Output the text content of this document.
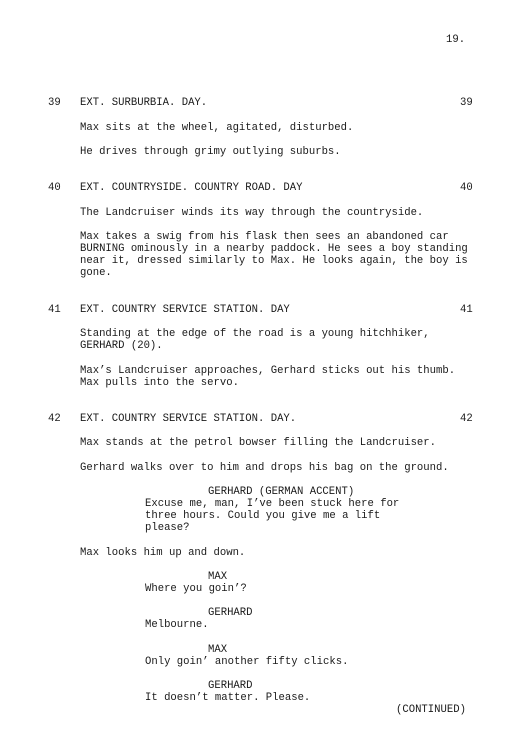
19.
39 EXT. SURBURBIA. DAY.	39
Max sits at the wheel, agitated, disturbed.
He drives through grimy outlying suburbs.
40 EXT. COUNTRYSIDE. COUNTRY ROAD. DAY	40
The Landcruiser winds its way through the countryside.
Max takes a swig from his flask then sees an abandoned car
BURNING ominously in a nearby paddock. He sees a boy standing
near it, dressed similarly to Max. He looks again, the boy is
gone.
41 EXT. COUNTRY SERVICE STATION. DAY	41
Standing at the edge of the road is a young hitchhiker,
GERHARD (20).
Max’s Landcruiser approaches, Gerhard sticks out his thumb.
Max pulls into the servo.
42 EXT. COUNTRY SERVICE STATION. DAY.	42
Max stands at the petrol bowser filling the Landcruiser.
Gerhard walks over to him and drops his bag on the ground.
GERHARD (GERMAN ACCENT)
Excuse me, man, I’ve been stuck here for
three hours. Could you give me a lift
please?
Max looks him up and down.
MAX
Where you goin’?
GERHARD
Melbourne.
MAX
Only goin’ another fifty clicks.
GERHARD
It doesn’t matter. Please.
(CONTINUED)
